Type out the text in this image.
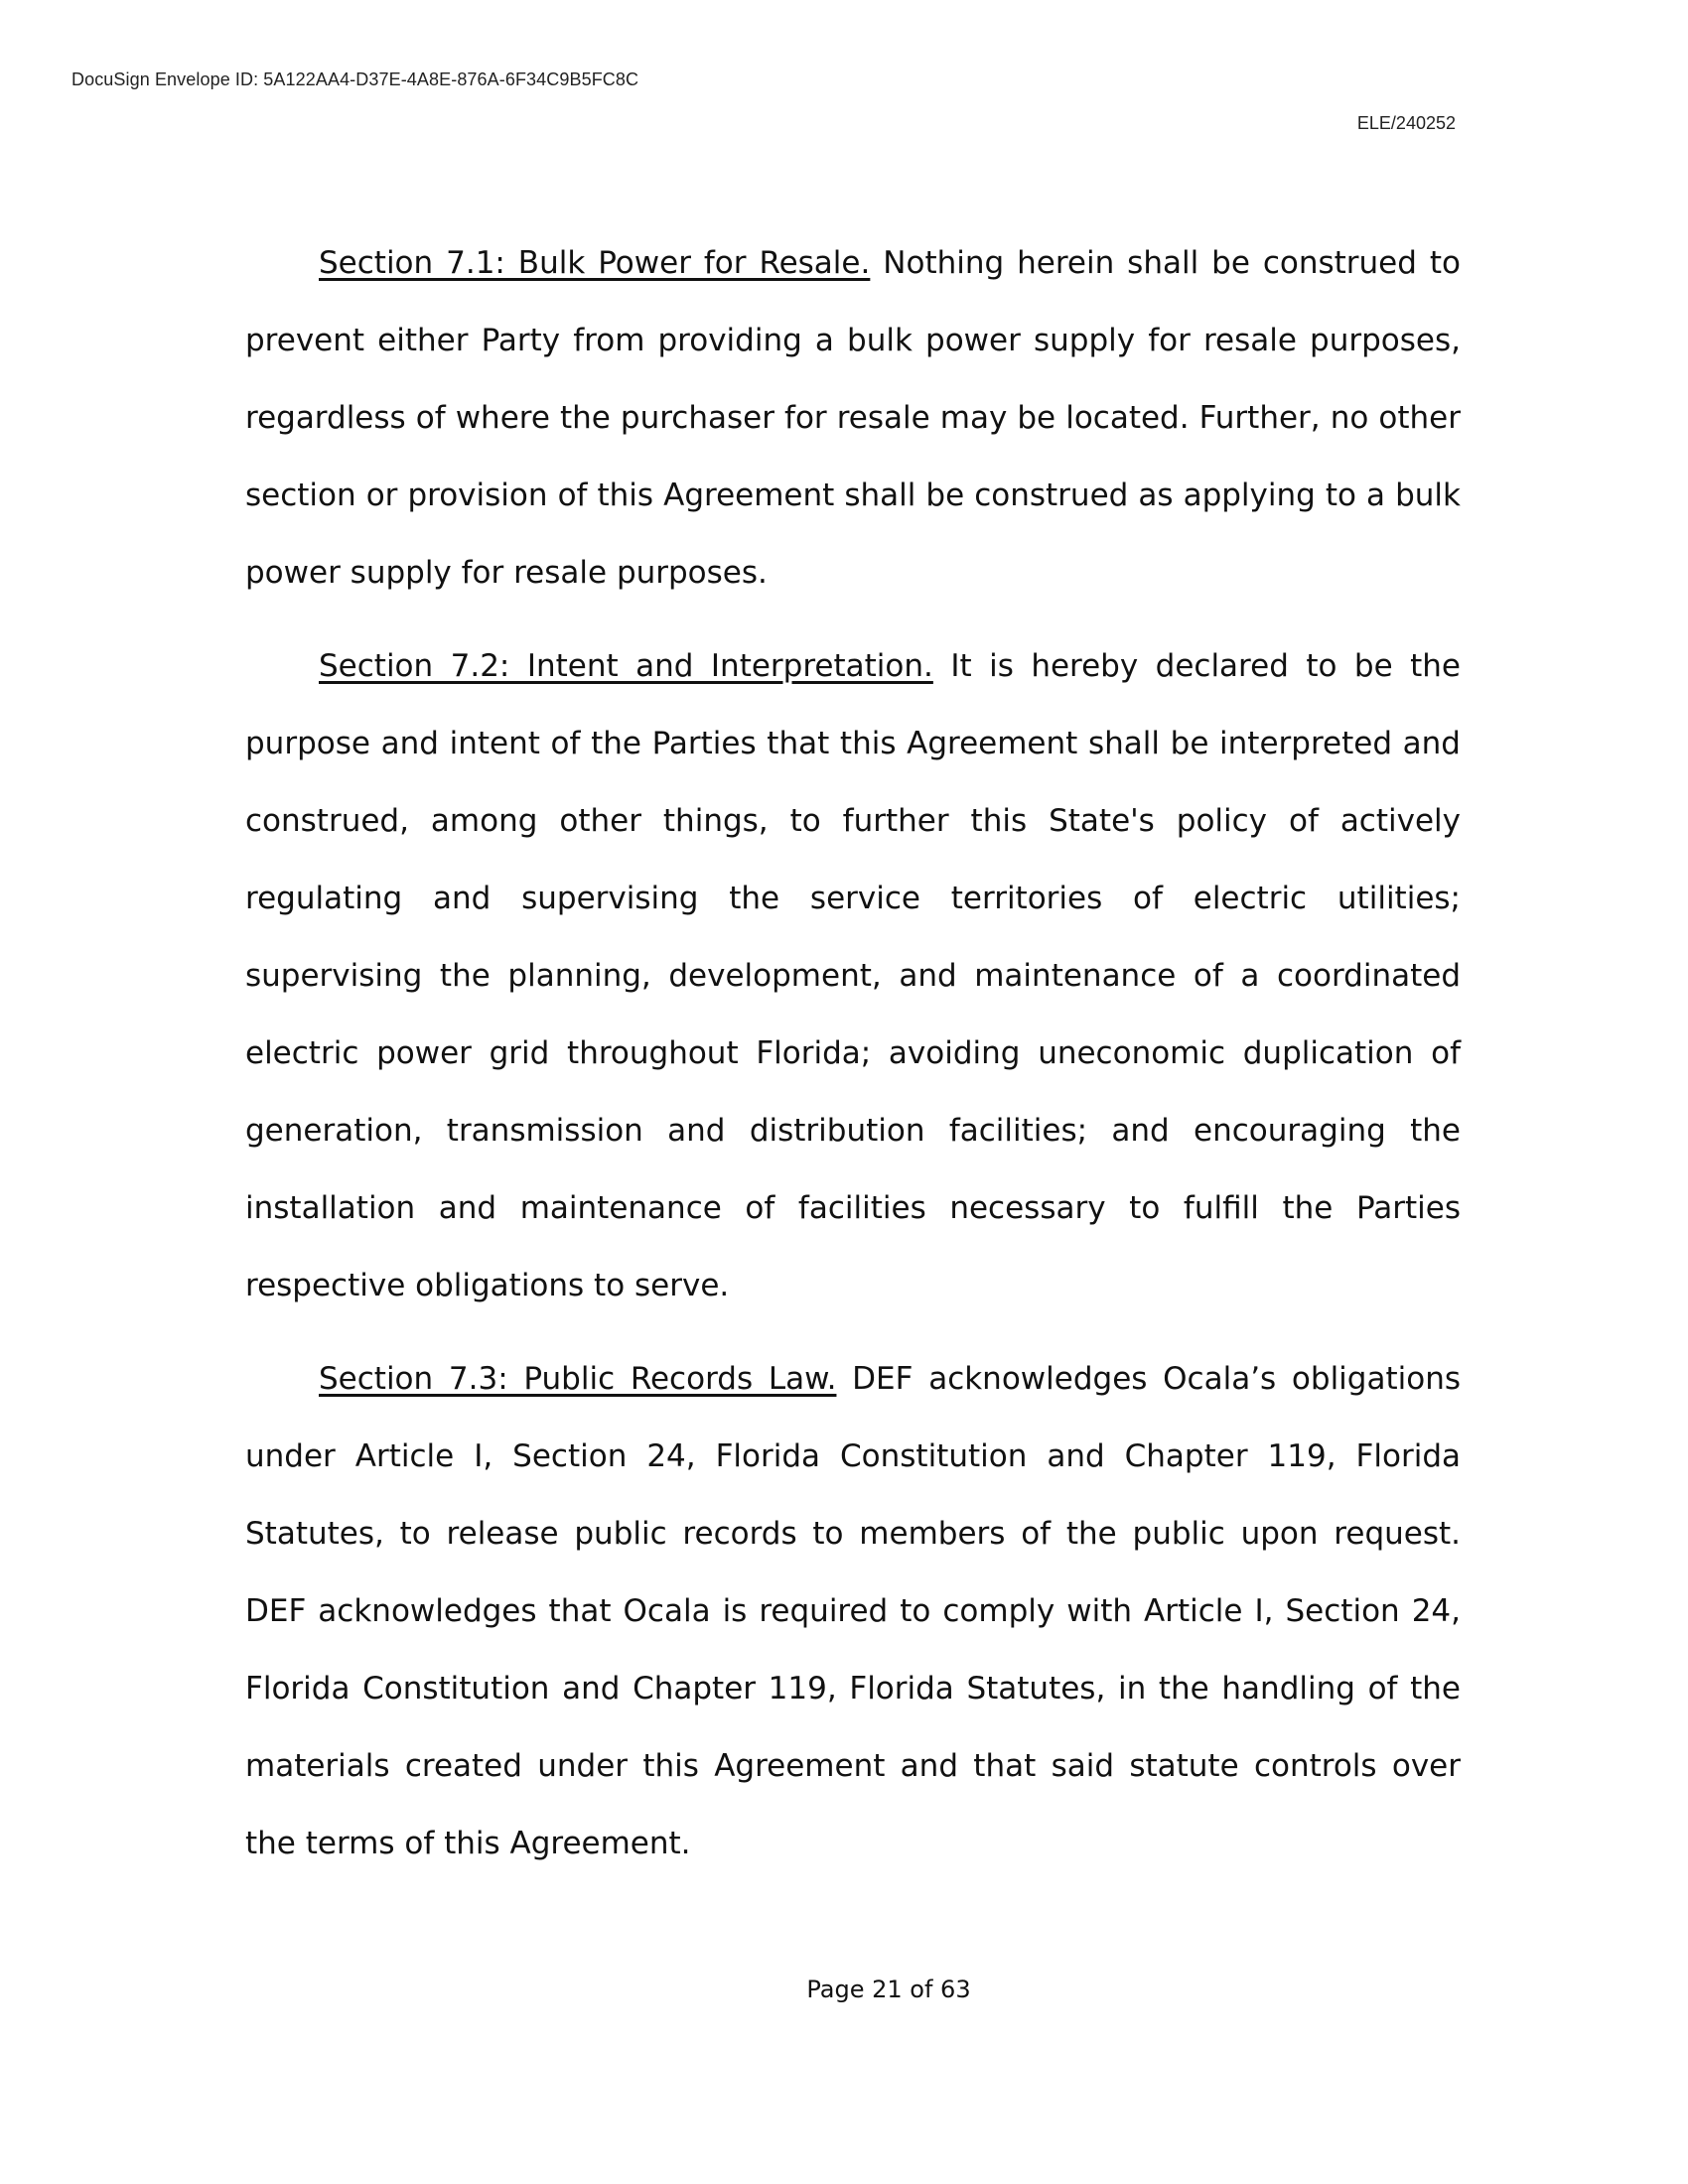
DocuSign Envelope ID: 5A122AA4-D37E-4A8E-876A-6F34C9B5FC8C
ELE/240252

Section 7.1: Bulk Power for Resale. Nothing herein shall be construed to prevent either Party from providing a bulk power supply for resale purposes, regardless of where the purchaser for resale may be located. Further, no other section or provision of this Agreement shall be construed as applying to a bulk power supply for resale purposes.

Section 7.2: Intent and Interpretation. It is hereby declared to be the purpose and intent of the Parties that this Agreement shall be interpreted and construed, among other things, to further this State's policy of actively regulating and supervising the service territories of electric utilities; supervising the planning, development, and maintenance of a coordinated electric power grid throughout Florida; avoiding uneconomic duplication of generation, transmission and distribution facilities; and encouraging the installation and maintenance of facilities necessary to fulfill the Parties respective obligations to serve.

Section 7.3: Public Records Law. DEF acknowledges Ocala’s obligations under Article I, Section 24, Florida Constitution and Chapter 119, Florida Statutes, to release public records to members of the public upon request. DEF acknowledges that Ocala is required to comply with Article I, Section 24, Florida Constitution and Chapter 119, Florida Statutes, in the handling of the materials created under this Agreement and that said statute controls over the terms of this Agreement.

Page 21 of 63
